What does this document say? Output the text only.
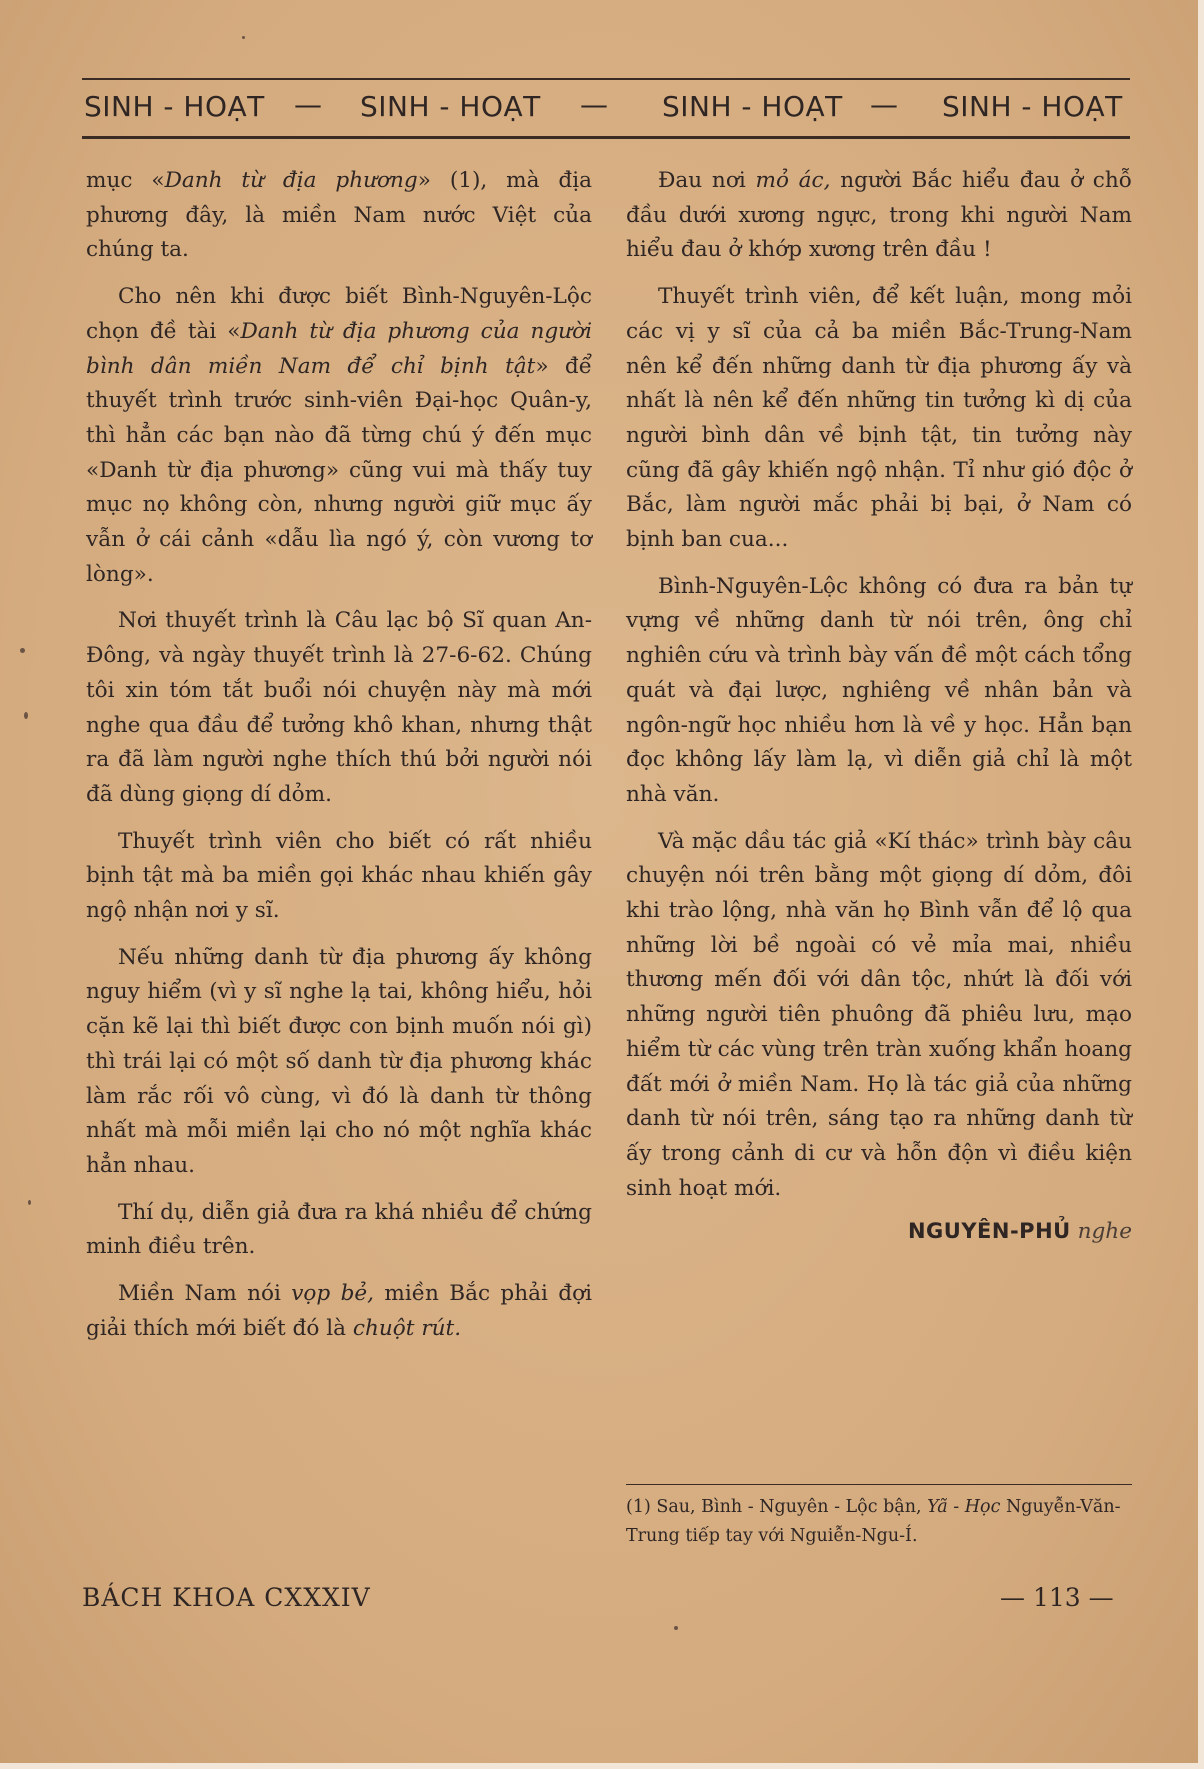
SINH - HOẠT — SINH - HOẠT — SINH - HOẠT — SINH - HOẠT

mục «Danh từ địa phương» (1), mà địa phương đây, là miền Nam nước Việt của chúng ta.

Cho nên khi được biết Bình-Nguyên-Lộc chọn đề tài «Danh từ địa phương của người bình dân miền Nam để chỉ bịnh tật» để thuyết trình trước sinh-viên Đại-học Quân-y, thì hẳn các bạn nào đã từng chú ý đến mục «Danh từ địa phương» cũng vui mà thấy tuy mục nọ không còn, nhưng người giữ mục ấy vẫn ở cái cảnh «dẫu lìa ngó ý, còn vương tơ lòng».

Nơi thuyết trình là Câu lạc bộ Sĩ quan An-Đông, và ngày thuyết trình là 27-6-62. Chúng tôi xin tóm tắt buổi nói chuyện này mà mới nghe qua đầu để tưởng khô khan, nhưng thật ra đã làm người nghe thích thú bởi người nói đã dùng giọng dí dỏm.

Thuyết trình viên cho biết có rất nhiều bịnh tật mà ba miền gọi khác nhau khiến gây ngộ nhận nơi y sĩ.

Nếu những danh từ địa phương ấy không nguy hiểm (vì y sĩ nghe lạ tai, không hiểu, hỏi cặn kẽ lại thì biết được con bịnh muốn nói gì) thì trái lại có một số danh từ địa phương khác làm rắc rối vô cùng, vì đó là danh từ thông nhất mà mỗi miền lại cho nó một nghĩa khác hẳn nhau.

Thí dụ, diễn giả đưa ra khá nhiều để chứng minh điều trên.

Miền Nam nói vọp bẻ, miền Bắc phải đợi giải thích mới biết đó là chuột rút.

Đau nơi mỏ ác, người Bắc hiểu đau ở chỗ đầu dưới xương ngực, trong khi người Nam hiểu đau ở khớp xương trên đầu !

Thuyết trình viên, để kết luận, mong mỏi các vị y sĩ của cả ba miền Bắc-Trung-Nam nên kể đến những danh từ địa phương ấy và nhất là nên kể đến những tin tưởng kì dị của người bình dân về bịnh tật, tin tưởng này cũng đã gây khiến ngộ nhận. Tỉ như gió độc ở Bắc, làm người mắc phải bị bại, ở Nam có bịnh ban cua...

Bình-Nguyên-Lộc không có đưa ra bản tự vựng về những danh từ nói trên, ông chỉ nghiên cứu và trình bày vấn đề một cách tổng quát và đại lược, nghiêng về nhân bản và ngôn-ngữ học nhiều hơn là về y học. Hẳn bạn đọc không lấy làm lạ, vì diễn giả chỉ là một nhà văn.

Và mặc dầu tác giả «Kí thác» trình bày câu chuyện nói trên bằng một giọng dí dỏm, đôi khi trào lộng, nhà văn họ Bình vẫn để lộ qua những lời bề ngoài có vẻ mỉa mai, nhiều thương mến đối với dân tộc, nhứt là đối với những người tiên phuông đã phiêu lưu, mạo hiểm từ các vùng trên tràn xuống khẩn hoang đất mới ở miền Nam. Họ là tác giả của những danh từ nói trên, sáng tạo ra những danh từ ấy trong cảnh di cư và hỗn độn vì điều kiện sinh hoạt mới.

NGUYÊN-PHỦ nghe
(1) Sau, Bình - Nguyên - Lộc bận, Yã - Học Nguyễn-Văn-Trung tiếp tay với Nguiễn-Ngu-Í.
BÁCH KHOA CXXXIV	— 113 —
